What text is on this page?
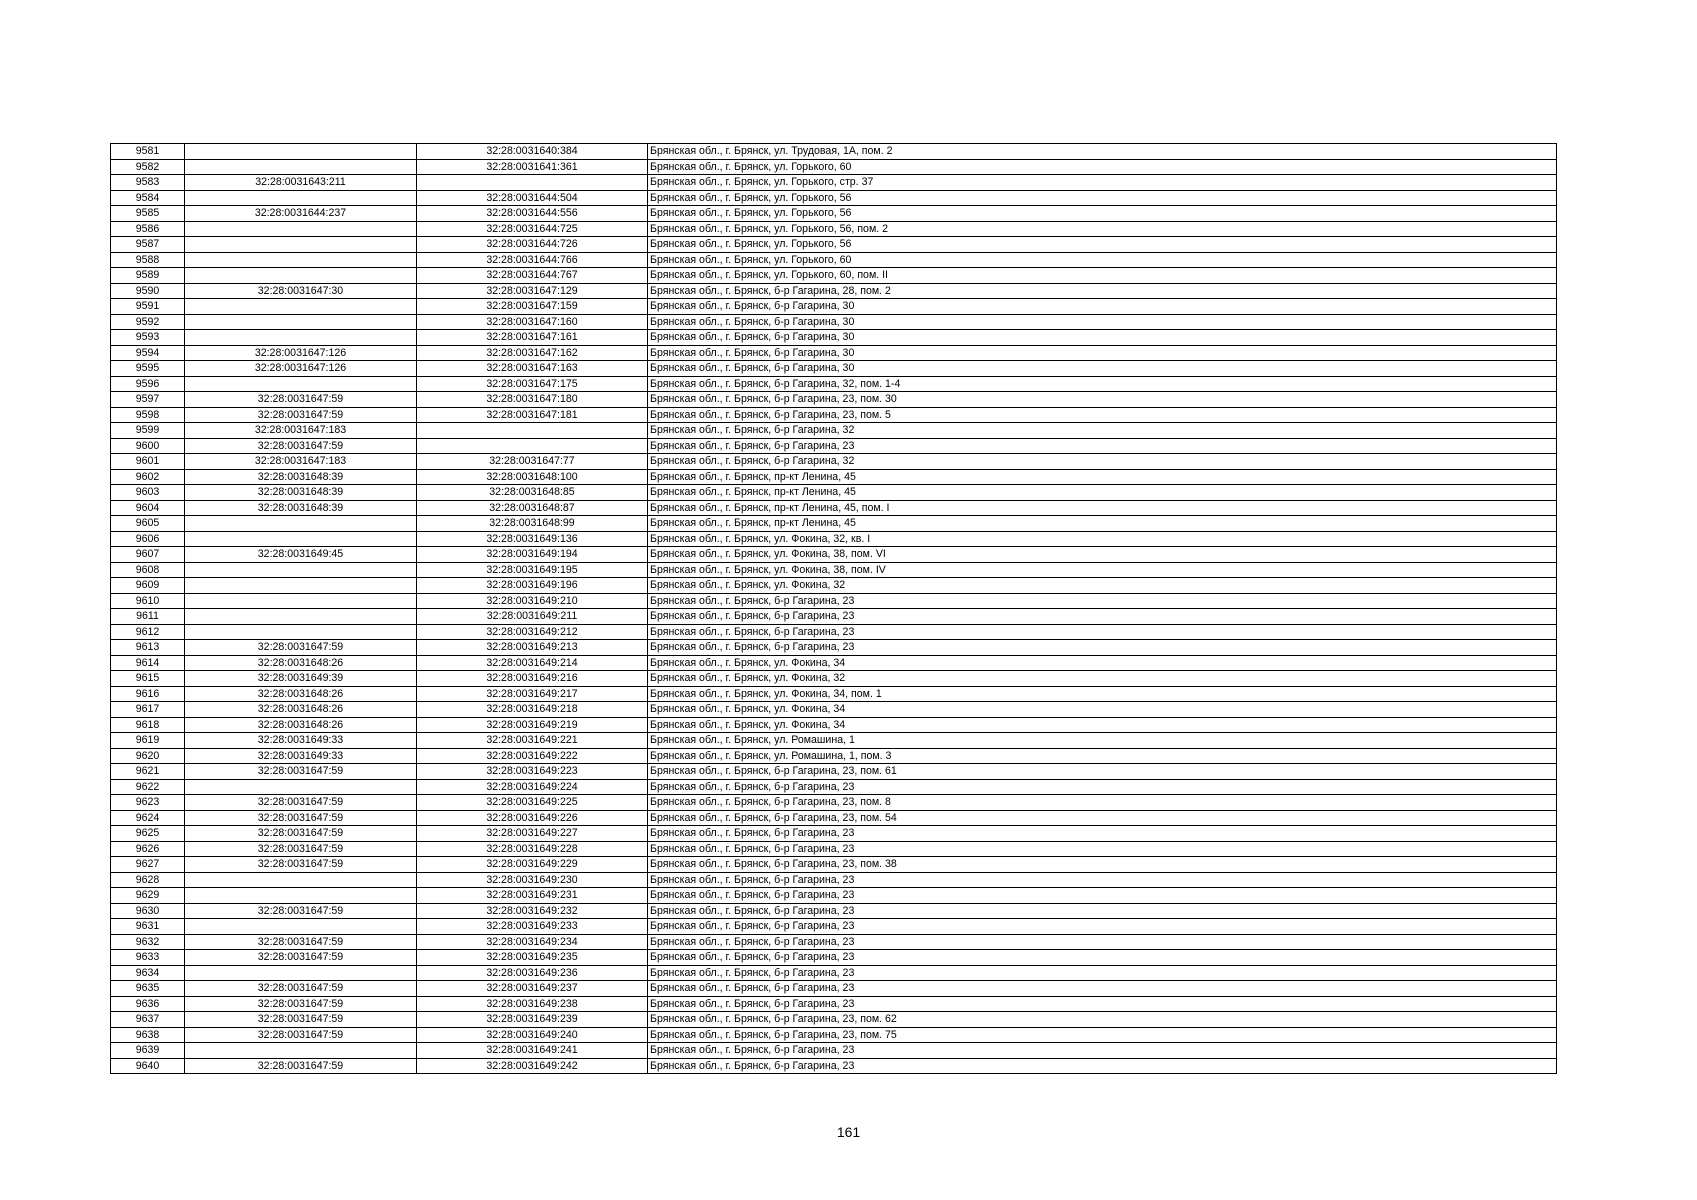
9581		32:28:0031640:384	Брянская обл., г. Брянск, ул. Трудовая, 1А, пом. 2
9582		32:28:0031641:361	Брянская обл., г. Брянск, ул. Горького, 60
9583	32:28:0031643:211		Брянская обл., г. Брянск, ул. Горького, стр. 37
9584		32:28:0031644:504	Брянская обл., г. Брянск, ул. Горького, 56
9585	32:28:0031644:237	32:28:0031644:556	Брянская обл., г. Брянск, ул. Горького, 56
9586		32:28:0031644:725	Брянская обл., г. Брянск, ул. Горького, 56, пом. 2
9587		32:28:0031644:726	Брянская обл., г. Брянск, ул. Горького, 56
9588		32:28:0031644:766	Брянская обл., г. Брянск, ул. Горького, 60
9589		32:28:0031644:767	Брянская обл., г. Брянск, ул. Горького, 60, пом. II
9590	32:28:0031647:30	32:28:0031647:129	Брянская обл., г. Брянск, б-р Гагарина, 28, пом. 2
9591		32:28:0031647:159	Брянская обл., г. Брянск, б-р Гагарина, 30
9592		32:28:0031647:160	Брянская обл., г. Брянск, б-р Гагарина, 30
9593		32:28:0031647:161	Брянская обл., г. Брянск, б-р Гагарина, 30
9594	32:28:0031647:126	32:28:0031647:162	Брянская обл., г. Брянск, б-р Гагарина, 30
9595	32:28:0031647:126	32:28:0031647:163	Брянская обл., г. Брянск, б-р Гагарина, 30
9596		32:28:0031647:175	Брянская обл., г. Брянск, б-р Гагарина, 32, пом. 1-4
9597	32:28:0031647:59	32:28:0031647:180	Брянская обл., г. Брянск, б-р Гагарина, 23, пом. 30
9598	32:28:0031647:59	32:28:0031647:181	Брянская обл., г. Брянск, б-р Гагарина, 23, пом. 5
9599	32:28:0031647:183		Брянская обл., г. Брянск, б-р Гагарина, 32
9600	32:28:0031647:59		Брянская обл., г. Брянск, б-р Гагарина, 23
9601	32:28:0031647:183	32:28:0031647:77	Брянская обл., г. Брянск, б-р Гагарина, 32
9602	32:28:0031648:39	32:28:0031648:100	Брянская обл., г. Брянск, пр-кт Ленина, 45
9603	32:28:0031648:39	32:28:0031648:85	Брянская обл., г. Брянск, пр-кт Ленина, 45
9604	32:28:0031648:39	32:28:0031648:87	Брянская обл., г. Брянск, пр-кт Ленина, 45, пом. I
9605		32:28:0031648:99	Брянская обл., г. Брянск, пр-кт Ленина, 45
9606		32:28:0031649:136	Брянская обл., г. Брянск, ул. Фокина, 32, кв. I
9607	32:28:0031649:45	32:28:0031649:194	Брянская обл., г. Брянск, ул. Фокина, 38, пом. VI
9608		32:28:0031649:195	Брянская обл., г. Брянск, ул. Фокина, 38, пом. IV
9609		32:28:0031649:196	Брянская обл., г. Брянск, ул. Фокина, 32
9610		32:28:0031649:210	Брянская обл., г. Брянск, б-р Гагарина, 23
9611		32:28:0031649:211	Брянская обл., г. Брянск, б-р Гагарина, 23
9612		32:28:0031649:212	Брянская обл., г. Брянск, б-р Гагарина, 23
9613	32:28:0031647:59	32:28:0031649:213	Брянская обл., г. Брянск, б-р Гагарина, 23
9614	32:28:0031648:26	32:28:0031649:214	Брянская обл., г. Брянск, ул. Фокина, 34
9615	32:28:0031649:39	32:28:0031649:216	Брянская обл., г. Брянск, ул. Фокина, 32
9616	32:28:0031648:26	32:28:0031649:217	Брянская обл., г. Брянск, ул. Фокина, 34, пом. 1
9617	32:28:0031648:26	32:28:0031649:218	Брянская обл., г. Брянск, ул. Фокина, 34
9618	32:28:0031648:26	32:28:0031649:219	Брянская обл., г. Брянск, ул. Фокина, 34
9619	32:28:0031649:33	32:28:0031649:221	Брянская обл., г. Брянск, ул. Ромашина, 1
9620	32:28:0031649:33	32:28:0031649:222	Брянская обл., г. Брянск, ул. Ромашина, 1, пом. 3
9621	32:28:0031647:59	32:28:0031649:223	Брянская обл., г. Брянск, б-р Гагарина, 23, пом. 61
9622		32:28:0031649:224	Брянская обл., г. Брянск, б-р Гагарина, 23
9623	32:28:0031647:59	32:28:0031649:225	Брянская обл., г. Брянск, б-р Гагарина, 23, пом. 8
9624	32:28:0031647:59	32:28:0031649:226	Брянская обл., г. Брянск, б-р Гагарина, 23, пом. 54
9625	32:28:0031647:59	32:28:0031649:227	Брянская обл., г. Брянск, б-р Гагарина, 23
9626	32:28:0031647:59	32:28:0031649:228	Брянская обл., г. Брянск, б-р Гагарина, 23
9627	32:28:0031647:59	32:28:0031649:229	Брянская обл., г. Брянск, б-р Гагарина, 23, пом. 38
9628		32:28:0031649:230	Брянская обл., г. Брянск, б-р Гагарина, 23
9629		32:28:0031649:231	Брянская обл., г. Брянск, б-р Гагарина, 23
9630	32:28:0031647:59	32:28:0031649:232	Брянская обл., г. Брянск, б-р Гагарина, 23
9631		32:28:0031649:233	Брянская обл., г. Брянск, б-р Гагарина, 23
9632	32:28:0031647:59	32:28:0031649:234	Брянская обл., г. Брянск, б-р Гагарина, 23
9633	32:28:0031647:59	32:28:0031649:235	Брянская обл., г. Брянск, б-р Гагарина, 23
9634		32:28:0031649:236	Брянская обл., г. Брянск, б-р Гагарина, 23
9635	32:28:0031647:59	32:28:0031649:237	Брянская обл., г. Брянск, б-р Гагарина, 23
9636	32:28:0031647:59	32:28:0031649:238	Брянская обл., г. Брянск, б-р Гагарина, 23
9637	32:28:0031647:59	32:28:0031649:239	Брянская обл., г. Брянск, б-р Гагарина, 23, пом. 62
9638	32:28:0031647:59	32:28:0031649:240	Брянская обл., г. Брянск, б-р Гагарина, 23, пом. 75
9639		32:28:0031649:241	Брянская обл., г. Брянск, б-р Гагарина, 23
9640	32:28:0031647:59	32:28:0031649:242	Брянская обл., г. Брянск, б-р Гагарина, 23
161
